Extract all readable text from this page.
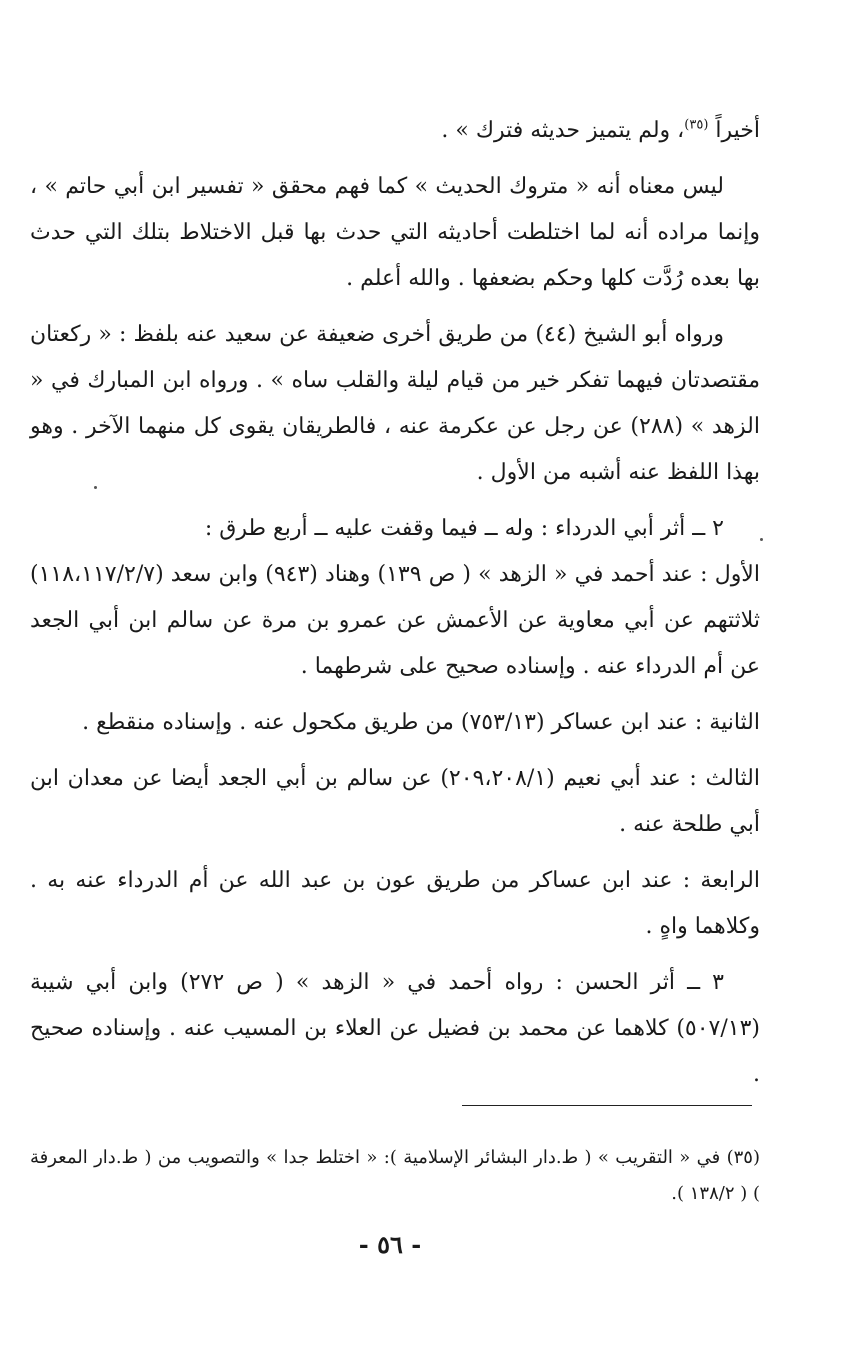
أخيراً $^{(٣٥)}$، ولم يتميز حديثه فترك » .

ليس معناه أنه « متروك الحديث » كما فهم محقق « تفسير ابن أبي حاتم » ، وإنما مراده أنه لما اختلطت أحاديثه التي حدث بها قبل الاختلاط بتلك التي حدث بها بعده رُدَّت كلها وحكم بضعفها . والله أعلم .

ورواه أبو الشيخ (٤٤) من طريق أخرى ضعيفة عن سعيد عنه بلفظ : « ركعتان مقتصدتان فيهما تفكر خير من قيام ليلة والقلب ساه » . ورواه ابن المبارك في « الزهد » (٢٨٨) عن رجل عن عكرمة عنه ، فالطريقان يقوى كل منهما الآخر . وهو بهذا اللفظ عنه أشبه من الأول .

٢ ــ أثر أبي الدرداء : وله ــ فيما وقفت عليه ــ أربع طرق :

الأول : عند أحمد في « الزهد » ( ص ١٣٩) وهناد (٩٤٣) وابن سعد (١١٨،١١٧/٢/٧) ثلاثتهم عن أبي معاوية عن الأعمش عن عمرو بن مرة عن سالم ابن أبي الجعد عن أم الدرداء عنه . وإسناده صحيح على شرطهما .

الثانية : عند ابن عساكر (٧٥٣/١٣) من طريق مكحول عنه . وإسناده منقطع .

الثالث : عند أبي نعيم (٢٠٩،٢٠٨/١) عن سالم بن أبي الجعد أيضا عن معدان ابن أبي طلحة عنه .

الرابعة : عند ابن عساكر من طريق عون بن عبد الله عن أم الدرداء عنه به . وكلاهما واهٍ .

٣ ــ أثر الحسن : رواه أحمد في « الزهد » ( ص ٢٧٢) وابن أبي شيبة (٥٠٧/١٣) كلاهما عن محمد بن فضيل عن العلاء بن المسيب عنه . وإسناده صحيح .

(٣٥) في « التقريب » ( ط.دار البشائر الإسلامية ): « اختلط جدا » والتصويب من ( ط.دار المعرفة ) ( ١٣٨/٢ ).

- ٥٦ -
